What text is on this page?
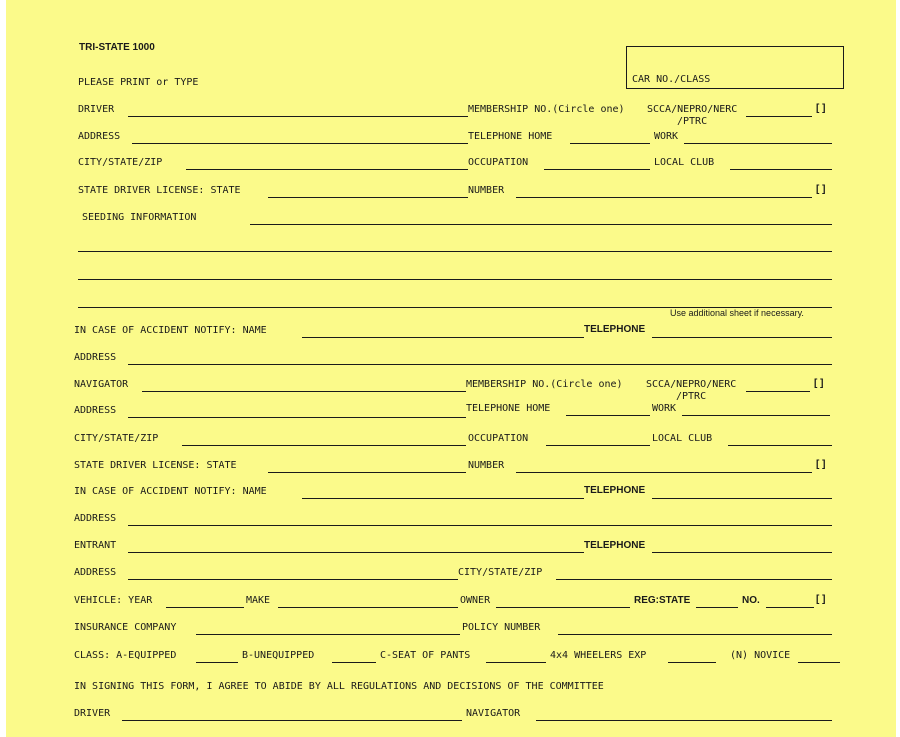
TRI-STATE 1000
CAR NO./CLASS
PLEASE PRINT or TYPE
DRIVER	MEMBERSHIP NO.(Circle one) SCCA/NEPRO/NERC	[ ]
/PTRC
ADDRESS	TELEPHONE HOME	WORK
CITY/STATE/ZIP	OCCUPATION	LOCAL CLUB
STATE DRIVER LICENSE: STATE	NUMBER	[ ]
SEEDING INFORMATION
Use additional sheet if necessary.
IN CASE OF ACCIDENT NOTIFY: NAME	TELEPHONE
ADDRESS
NAVIGATOR	MEMBERSHIP NO.(Circle one) SCCA/NEPRO/NERC	[ ]
/PTRC
ADDRESS	TELEPHONE HOME	WORK
CITY/STATE/ZIP	OCCUPATION	LOCAL CLUB
STATE DRIVER LICENSE: STATE	NUMBER	[ ]
IN CASE OF ACCIDENT NOTIFY: NAME	TELEPHONE
ADDRESS
ENTRANT	TELEPHONE
ADDRESS	CITY/STATE/ZIP
VEHICLE: YEAR	MAKE	OWNER	REG:STATE	NO.	[ ]
INSURANCE COMPANY	POLICY NUMBER
CLASS: A-EQUIPPED	B-UNEQUIPPED	C-SEAT OF PANTS	4x4 WHEELERS EXP	(N) NOVICE
IN SIGNING THIS FORM, I AGREE TO ABIDE BY ALL REGULATIONS AND DECISIONS OF THE COMMITTEE
DRIVER	NAVIGATOR
